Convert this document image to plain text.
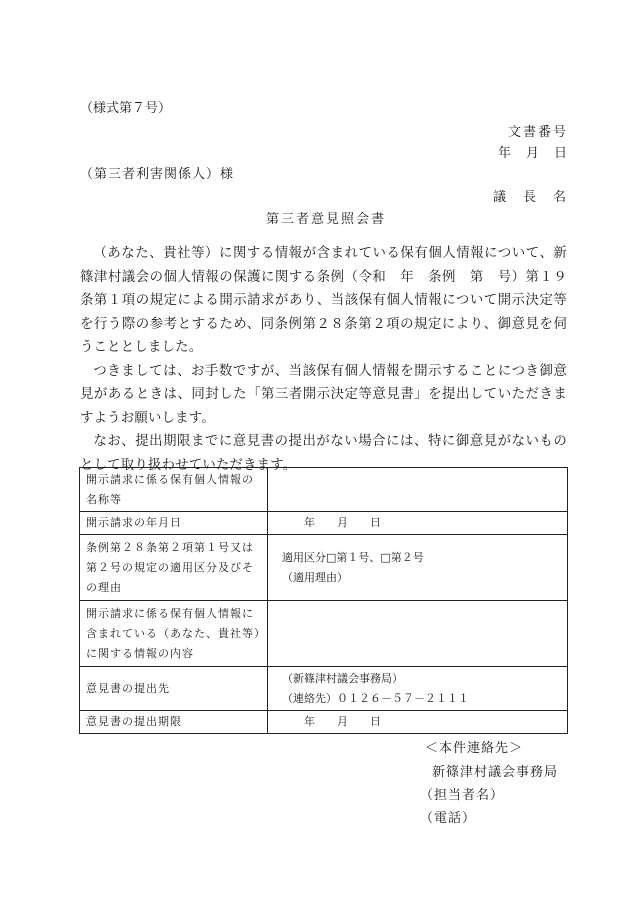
（様式第７号）
文書番号
年　月　日
（第三者利害関係人）様
議　長　名
第三者意見照会書

（あなた、貴社等）に関する情報が含まれている保有個人情報について、新篠津村議会の個人情報の保護に関する条例（令和　年　条例　第　号）第１９条第１項の規定による開示請求があり、当該保有個人情報について開示決定等を行う際の参考とするため、同条例第２８条第２項の規定により、御意見を伺うこととしました。

つきましては、お手数ですが、当該保有個人情報を開示することにつき御意見があるときは、同封した「第三者開示決定等意見書」を提出していただきますようお願いします。

なお、提出期限までに意見書の提出がない場合には、特に御意見がないものとして取り扱わせていただきます。

開示請求に係る保有個人情報の
名称等	

開示請求の年月日	　　年　　月　　日

条例第２８条第２項第１号又は
第２号の規定の適用区分及びそ
の理由	適用区分□第１号、□第２号
（適用理由）

開示請求に係る保有個人情報に
含まれている（あなた、貴社等）
に関する情報の内容	

意見書の提出先	（新篠津村議会事務局）
（連絡先）０１２６－５７－２１１１

意見書の提出期限	　　年　　月　　日
＜本件連絡先＞
新篠津村議会事務局
（担当者名）
（電話）
